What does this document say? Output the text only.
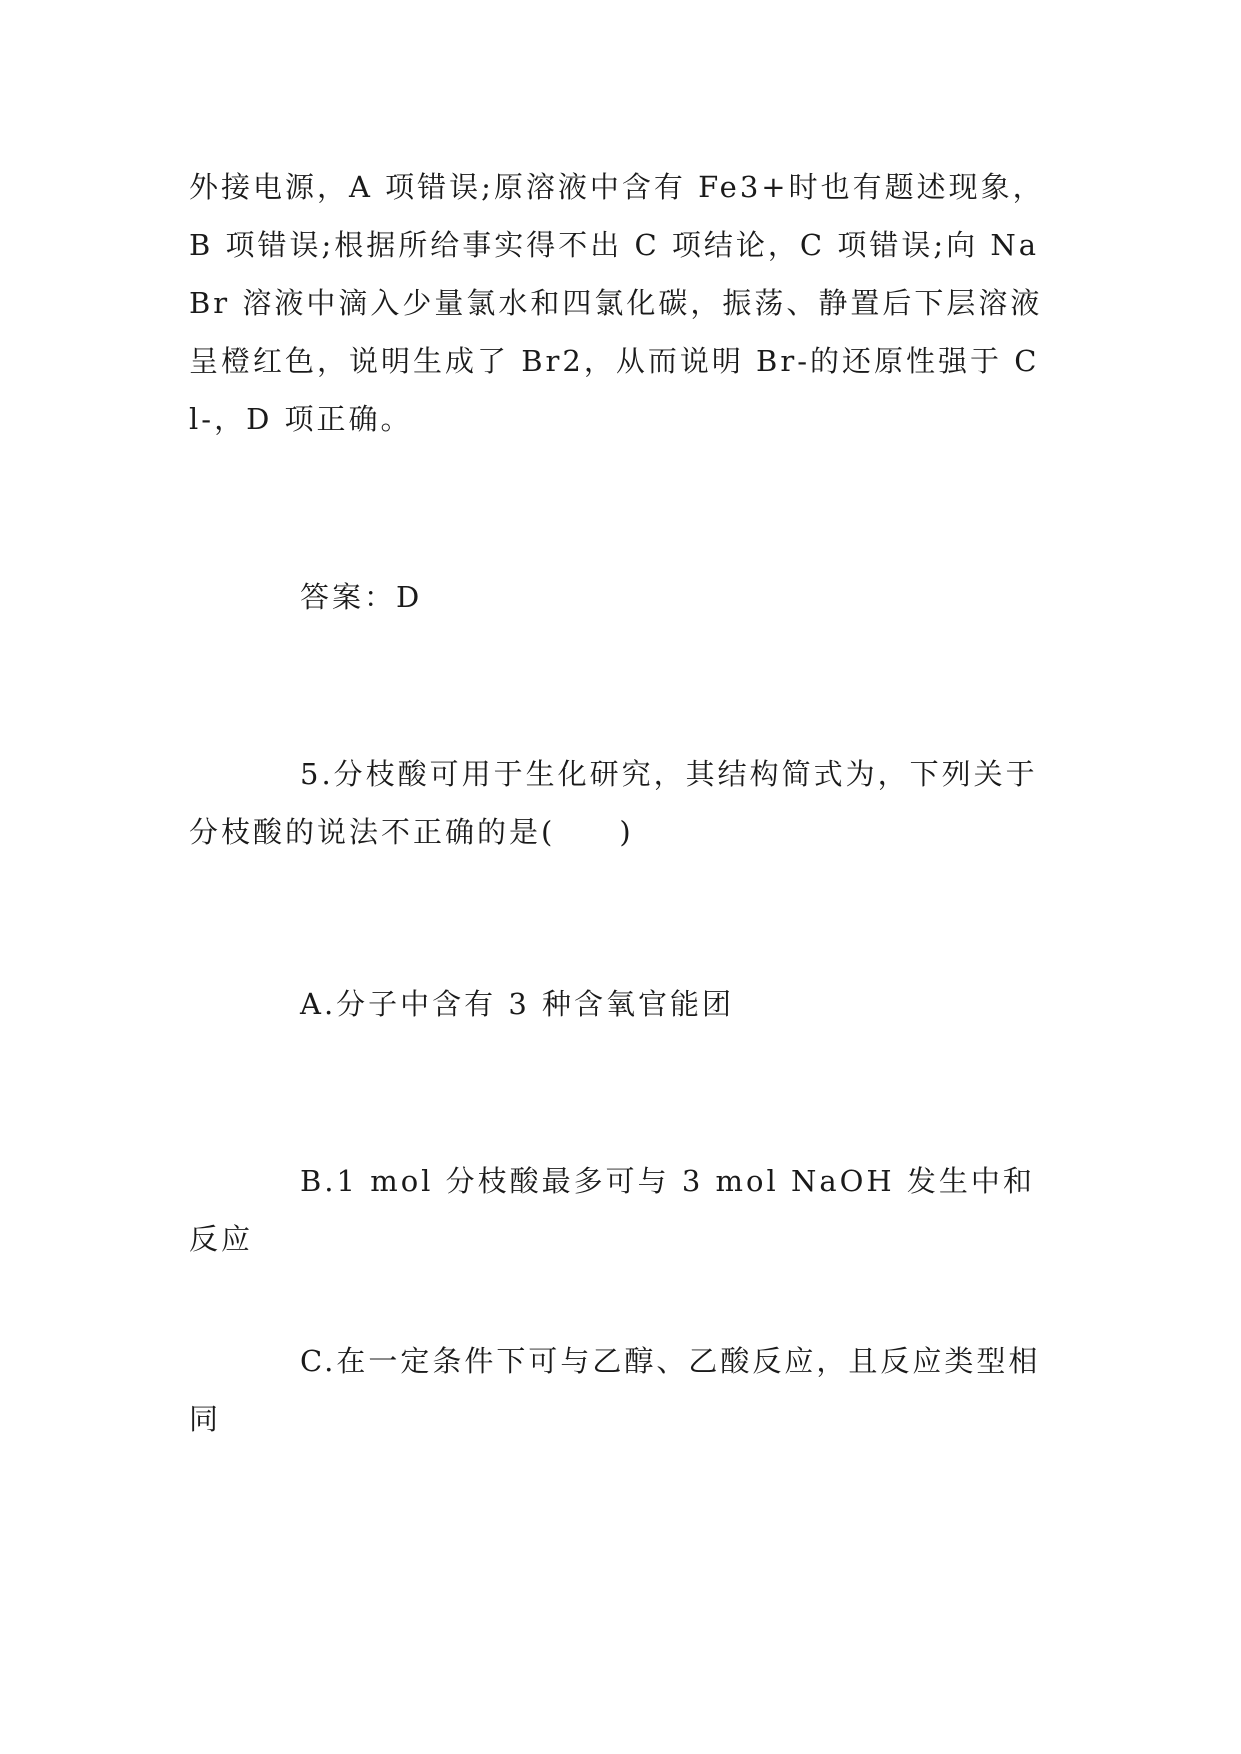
外接电源，A 项错误;原溶液中含有 Fe3+时也有题述现象，B 项错误;根据所给事实得不出 C 项结论，C 项错误;向 NaBr 溶液中滴入少量氯水和四氯化碳，振荡、静置后下层溶液呈橙红色，说明生成了 Br2，从而说明 Br-的还原性强于 Cl-，D 项正确。

答案：D

5.分枝酸可用于生化研究，其结构简式为，下列关于分枝酸的说法不正确的是(　　)

A.分子中含有 3 种含氧官能团

B.1 mol 分枝酸最多可与 3 mol NaOH 发生中和反应

C.在一定条件下可与乙醇、乙酸反应，且反应类型相同
